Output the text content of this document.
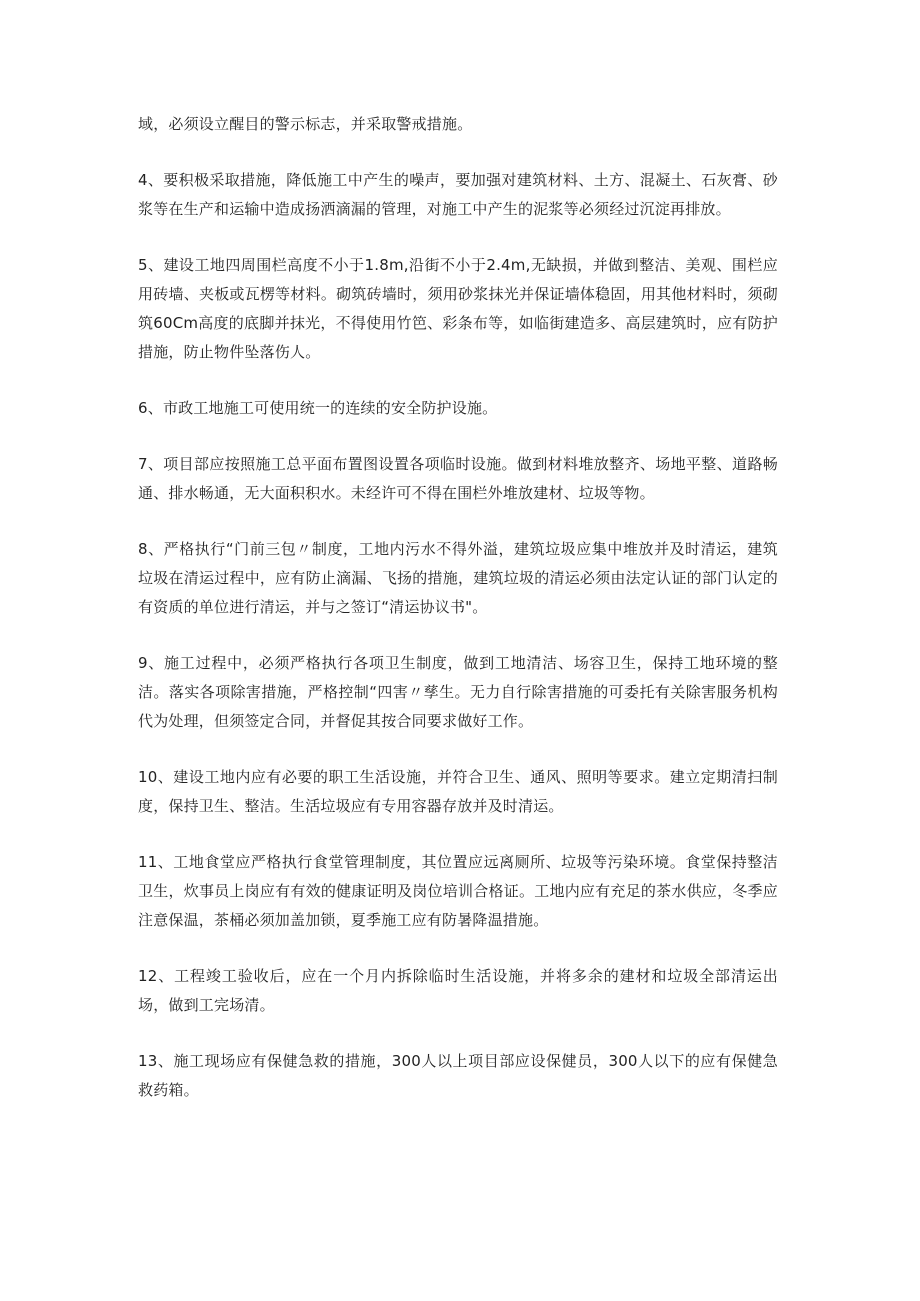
域，必须设立醒目的警示标志，并采取警戒措施。

4、要积极采取措施，降低施工中产生的噪声，要加强对建筑材料、土方、混凝土、石灰膏、砂浆等在生产和运输中造成扬洒滴漏的管理，对施工中产生的泥浆等必须经过沉淀再排放。

5、建设工地四周围栏高度不小于1.8m,沿街不小于2.4m,无缺损，并做到整洁、美观、围栏应用砖墙、夹板或瓦楞等材料。砌筑砖墙时，须用砂浆抹光并保证墙体稳固，用其他材料时，须砌筑60Cm高度的底脚并抹光，不得使用竹笆、彩条布等，如临街建造多、高层建筑时，应有防护措施，防止物件坠落伤人。

6、市政工地施工可使用统一的连续的安全防护设施。

7、项目部应按照施工总平面布置图设置各项临时设施。做到材料堆放整齐、场地平整、道路畅通、排水畅通，无大面积积水。未经许可不得在围栏外堆放建材、垃圾等物。

8、严格执行“门前三包〃制度，工地内污水不得外溢，建筑垃圾应集中堆放并及时清运，建筑垃圾在清运过程中，应有防止滴漏、飞扬的措施，建筑垃圾的清运必须由法定认证的部门认定的有资质的单位进行清运，并与之签订“清运协议书"。

9、施工过程中，必须严格执行各项卫生制度，做到工地清洁、场容卫生，保持工地环境的整洁。落实各项除害措施，严格控制“四害〃孳生。无力自行除害措施的可委托有关除害服务机构代为处理，但须签定合同，并督促其按合同要求做好工作。

10、建设工地内应有必要的职工生活设施，并符合卫生、通风、照明等要求。建立定期清扫制度，保持卫生、整洁。生活垃圾应有专用容器存放并及时清运。

11、工地食堂应严格执行食堂管理制度，其位置应远离厕所、垃圾等污染环境。食堂保持整洁卫生，炊事员上岗应有有效的健康证明及岗位培训合格证。工地内应有充足的茶水供应，冬季应注意保温，茶桶必须加盖加锁，夏季施工应有防暑降温措施。

12、工程竣工验收后，应在一个月内拆除临时生活设施，并将多余的建材和垃圾全部清运出场，做到工完场清。

13、施工现场应有保健急救的措施，300人以上项目部应设保健员，300人以下的应有保健急救药箱。
